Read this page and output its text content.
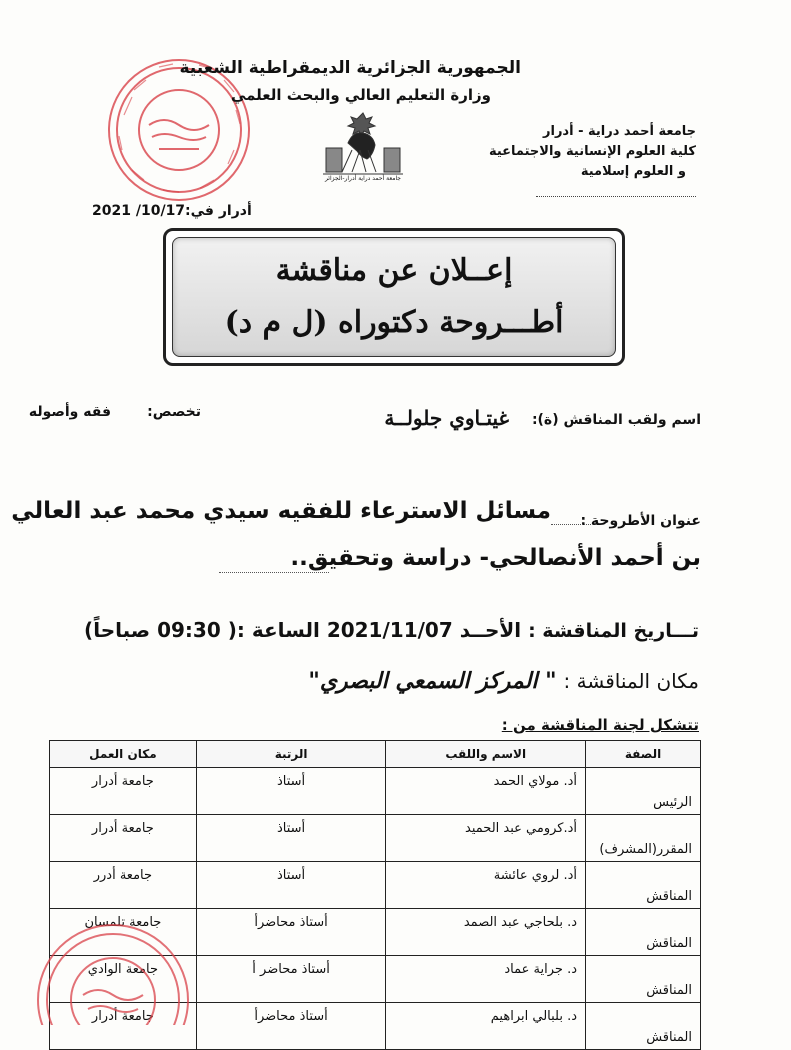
الجمهورية الجزائرية الديمقراطية الشعبية
وزارة التعليم العالي والبحث العلمي
جامعة أحمد دراية أدرار-الجزائر
جامعة أحمد دراية - أدرار
كلية العلوم الإنسانية والاجتماعية
و العلوم إسلامية
أدرار في:10/17/ 2021
إعــلان عن مناقشة
أطـــروحة دكتوراه (ل م د)
اسم ولقب المناقش (ة):
غيتـاوي جلولــة
تخصص:
فقه وأصوله
عنوان الأطروحة :
مسائل الاسترعاء للفقيه سيدي محمد عبد العالي
بن أحمد الأنصالحي- دراسة وتحقيق..
تـــاريخ المناقشة : الأحــد 2021/11/07 الساعة :( 09:30 صباحاً)
مكان المناقشة : " المركز السمعي البصري"
تتشكل لجنة المناقشة من :
الصفة	الاسم واللقب	الرتبة	مكان العمل
الرئيس	أد. مولاي الحمد	أستاذ	جامعة أدرار
المقرر(المشرف)	أد.كرومي عبد الحميد	أستاذ	جامعة أدرار
المناقش	أد. لروي عائشة	أستاذ	جامعة أدرر
المناقش	د. بلحاجي عبد الصمد	أستاذ محاضرأ	جامعة تلمسان
المناقش	د. جراية عماد	أستاذ محاضر أ	جامعة الوادي
المناقش	د. بلبالي ابراهيم	أستاذ محاضرأ	جامعة أدرار
